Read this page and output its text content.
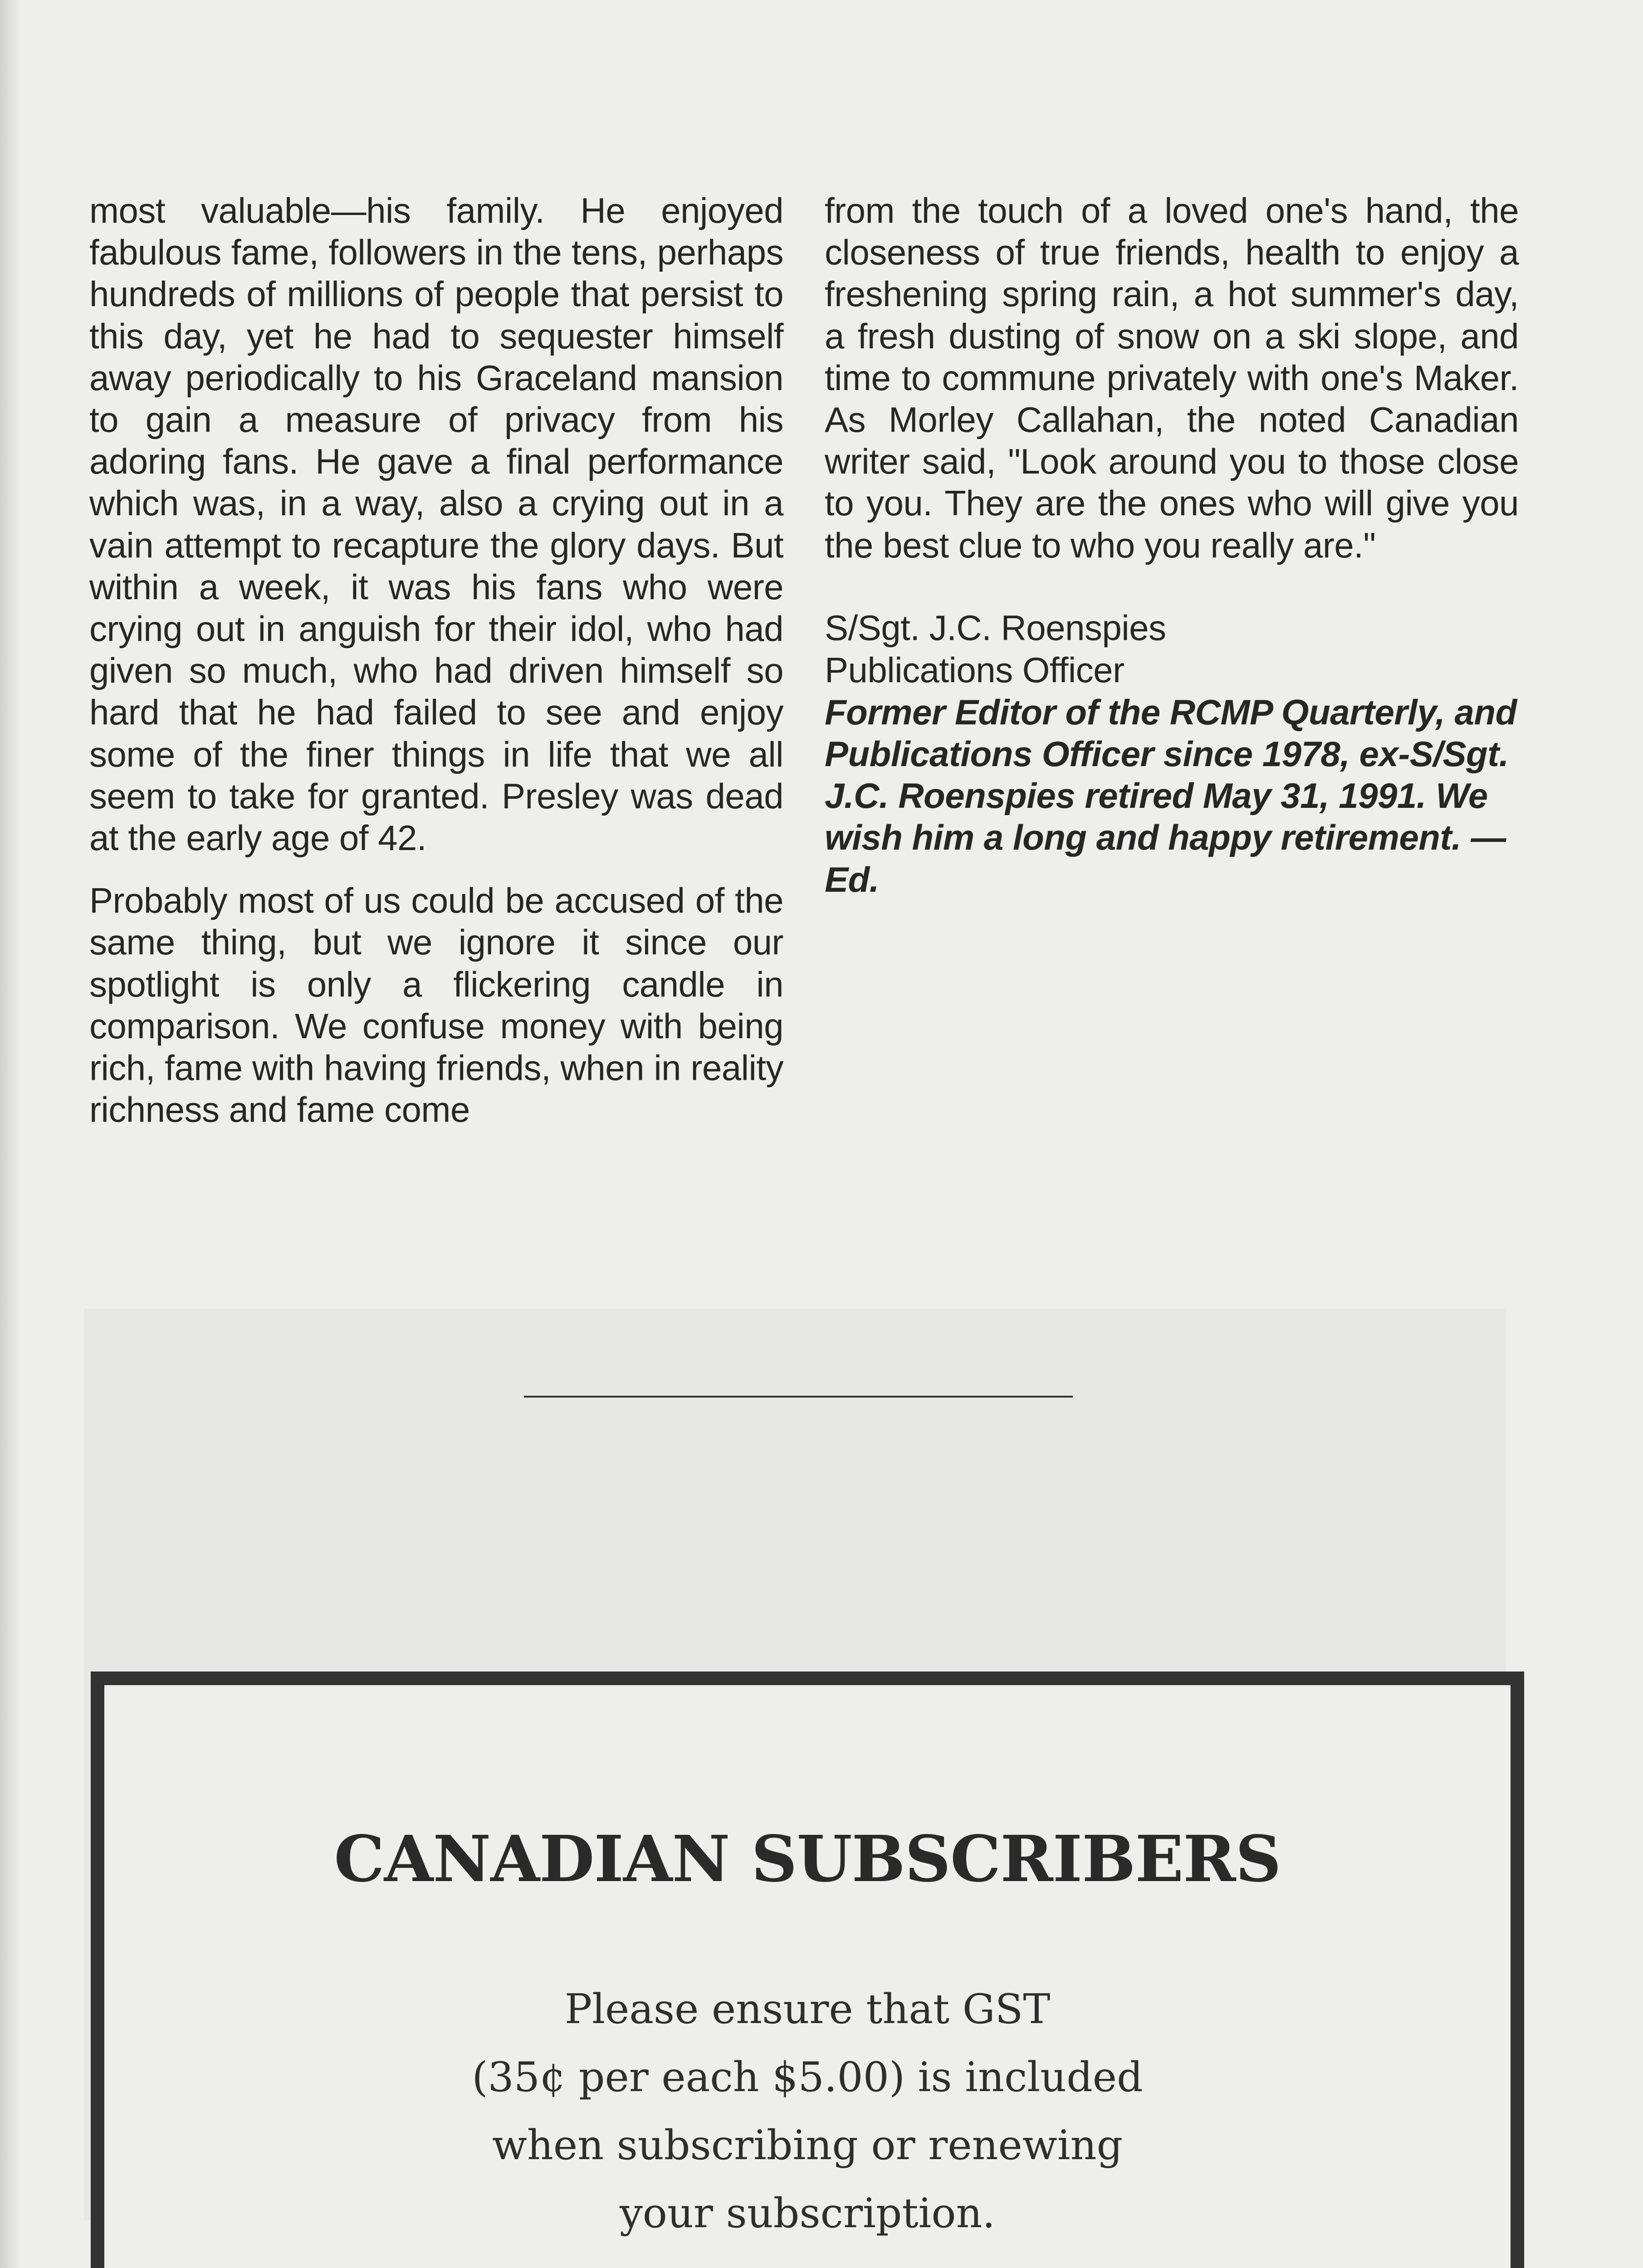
most valuable—his family. He enjoyed fabulous fame, followers in the tens, perhaps hundreds of millions of people that persist to this day, yet he had to sequester himself away periodically to his Graceland mansion to gain a measure of privacy from his adoring fans. He gave a final performance which was, in a way, also a crying out in a vain attempt to recapture the glory days. But within a week, it was his fans who were crying out in anguish for their idol, who had given so much, who had driven himself so hard that he had failed to see and enjoy some of the finer things in life that we all seem to take for granted. Presley was dead at the early age of 42.

Probably most of us could be accused of the same thing, but we ignore it since our spotlight is only a flickering candle in comparison. We confuse money with being rich, fame with having friends, when in reality richness and fame come

from the touch of a loved one's hand, the closeness of true friends, health to enjoy a freshening spring rain, a hot summer's day, a fresh dusting of snow on a ski slope, and time to commune privately with one's Maker. As Morley Callahan, the noted Canadian writer said, "Look around you to those close to you. They are the ones who will give you the best clue to who you really are."

S/Sgt. J.C. Roenspies
Publications Officer

Former Editor of the RCMP Quarterly, and Publications Officer since 1978, ex-S/Sgt. J.C. Roenspies retired May 31, 1991. We wish him a long and happy retirement. — Ed.

CANADIAN SUBSCRIBERS
Please ensure that GST
(35¢ per each $5.00) is included
when subscribing or renewing
your subscription.
